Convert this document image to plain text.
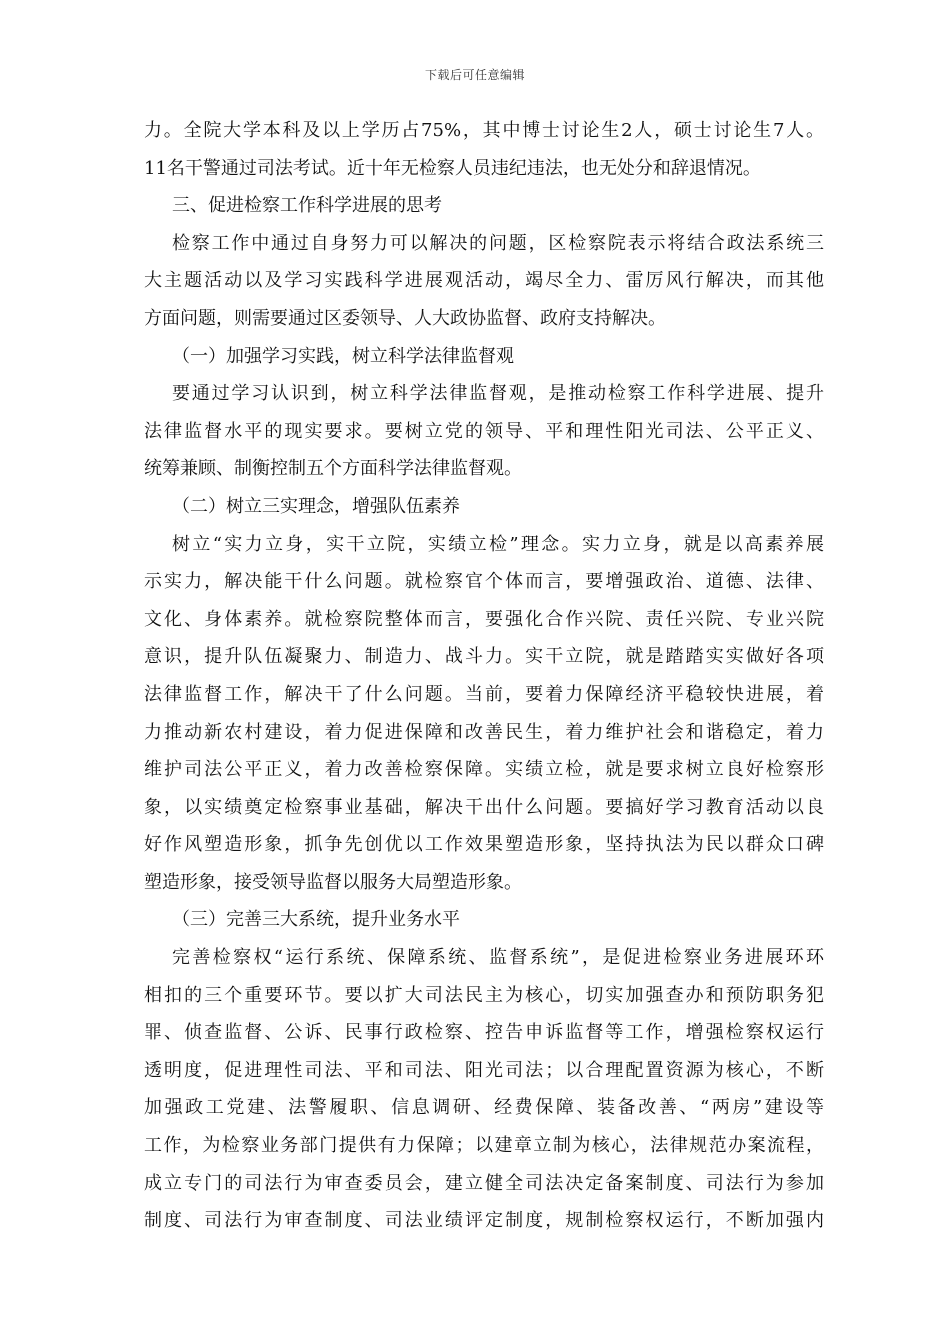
下载后可任意编辑
力。全院大学本科及以上学历占75%，其中博士讨论生2人，硕士讨论生7人。
11名干警通过司法考试。近十年无检察人员违纪违法，也无处分和辞退情况。
三、促进检察工作科学进展的思考
检察工作中通过自身努力可以解决的问题，区检察院表示将结合政法系统三
大主题活动以及学习实践科学进展观活动，竭尽全力、雷厉风行解决，而其他
方面问题，则需要通过区委领导、人大政协监督、政府支持解决。
（一）加强学习实践，树立科学法律监督观
要通过学习认识到，树立科学法律监督观，是推动检察工作科学进展、提升
法律监督水平的现实要求。要树立党的领导、平和理性阳光司法、公平正义、
统筹兼顾、制衡控制五个方面科学法律监督观。
（二）树立三实理念，增强队伍素养
树立“实力立身，实干立院，实绩立检”理念。实力立身，就是以高素养展
示实力，解决能干什么问题。就检察官个体而言，要增强政治、道德、法律、
文化、身体素养。就检察院整体而言，要强化合作兴院、责任兴院、专业兴院
意识，提升队伍凝聚力、制造力、战斗力。实干立院，就是踏踏实实做好各项
法律监督工作，解决干了什么问题。当前，要着力保障经济平稳较快进展，着
力推动新农村建设，着力促进保障和改善民生，着力维护社会和谐稳定，着力
维护司法公平正义，着力改善检察保障。实绩立检，就是要求树立良好检察形
象，以实绩奠定检察事业基础，解决干出什么问题。要搞好学习教育活动以良
好作风塑造形象，抓争先创优以工作效果塑造形象，坚持执法为民以群众口碑
塑造形象，接受领导监督以服务大局塑造形象。
（三）完善三大系统，提升业务水平
完善检察权“运行系统、保障系统、监督系统”，是促进检察业务进展环环
相扣的三个重要环节。要以扩大司法民主为核心，切实加强查办和预防职务犯
罪、侦查监督、公诉、民事行政检察、控告申诉监督等工作，增强检察权运行
透明度，促进理性司法、平和司法、阳光司法；以合理配置资源为核心，不断
加强政工党建、法警履职、信息调研、经费保障、装备改善、“两房”建设等
工作，为检察业务部门提供有力保障；以建章立制为核心，法律规范办案流程，
成立专门的司法行为审查委员会，建立健全司法决定备案制度、司法行为参加
制度、司法行为审查制度、司法业绩评定制度，规制检察权运行，不断加强内
